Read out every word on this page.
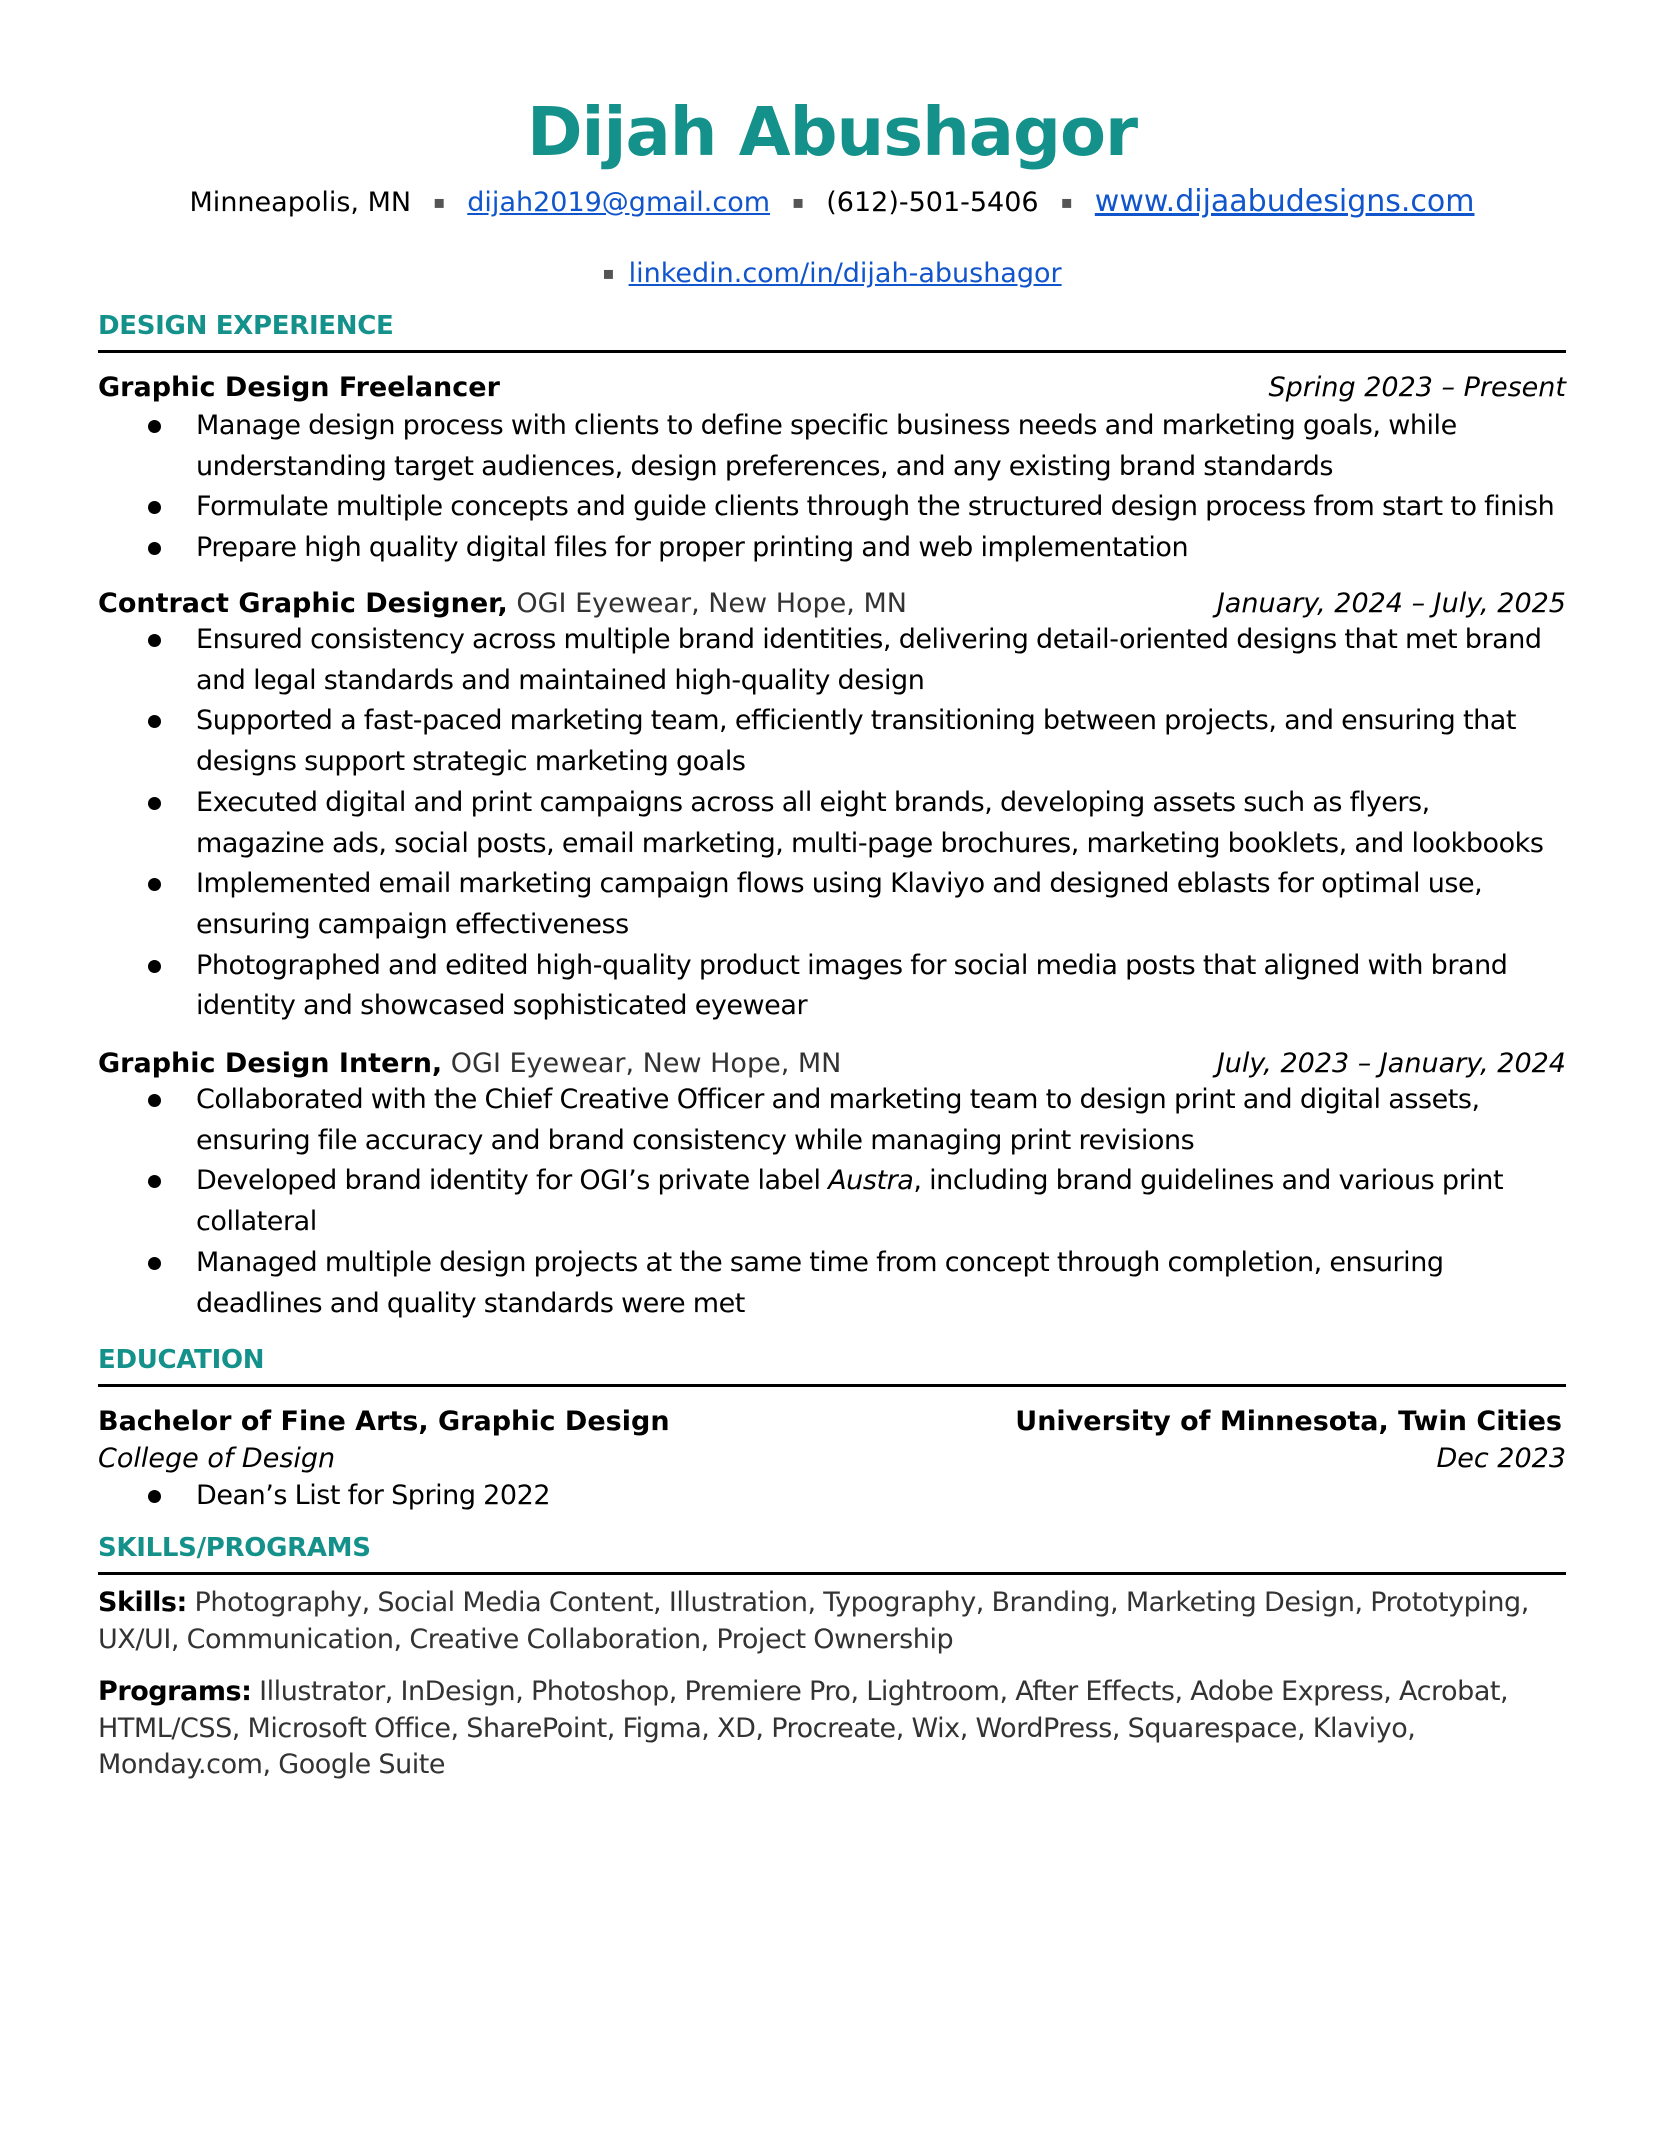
Dijah Abushagor
Minneapolis, MN ▪ dijah2019@gmail.com ▪ (612)-501-5406 ▪ www.dijaabudesigns.com
▪ linkedin.com/in/dijah-abushagor
DESIGN EXPERIENCE
Graphic Design Freelancer	Spring 2023 – Present
Manage design process with clients to define specific business needs and marketing goals, while understanding target audiences, design preferences, and any existing brand standards
Formulate multiple concepts and guide clients through the structured design process from start to finish
Prepare high quality digital files for proper printing and web implementation
Contract Graphic Designer, OGI Eyewear, New Hope, MN	January, 2024 – July, 2025
Ensured consistency across multiple brand identities, delivering detail-oriented designs that met brand and legal standards and maintained high-quality design
Supported a fast-paced marketing team, efficiently transitioning between projects, and ensuring that designs support strategic marketing goals
Executed digital and print campaigns across all eight brands, developing assets such as flyers, magazine ads, social posts, email marketing, multi-page brochures, marketing booklets, and lookbooks
Implemented email marketing campaign flows using Klaviyo and designed eblasts for optimal use, ensuring campaign effectiveness
Photographed and edited high-quality product images for social media posts that aligned with brand identity and showcased sophisticated eyewear
Graphic Design Intern, OGI Eyewear, New Hope, MN	July, 2023 – January, 2024
Collaborated with the Chief Creative Officer and marketing team to design print and digital assets, ensuring file accuracy and brand consistency while managing print revisions
Developed brand identity for OGI’s private label Austra, including brand guidelines and various print collateral
Managed multiple design projects at the same time from concept through completion, ensuring deadlines and quality standards were met
EDUCATION
Bachelor of Fine Arts, Graphic Design	University of Minnesota, Twin Cities
College of Design	Dec 2023
Dean’s List for Spring 2022
SKILLS/PROGRAMS
Skills: Photography, Social Media Content, Illustration, Typography, Branding, Marketing Design, Prototyping, UX/UI, Communication, Creative Collaboration, Project Ownership
Programs: Illustrator, InDesign, Photoshop, Premiere Pro, Lightroom, After Effects, Adobe Express, Acrobat, HTML/CSS, Microsoft Office, SharePoint, Figma, XD, Procreate, Wix, WordPress, Squarespace, Klaviyo, Monday.com, Google Suite
